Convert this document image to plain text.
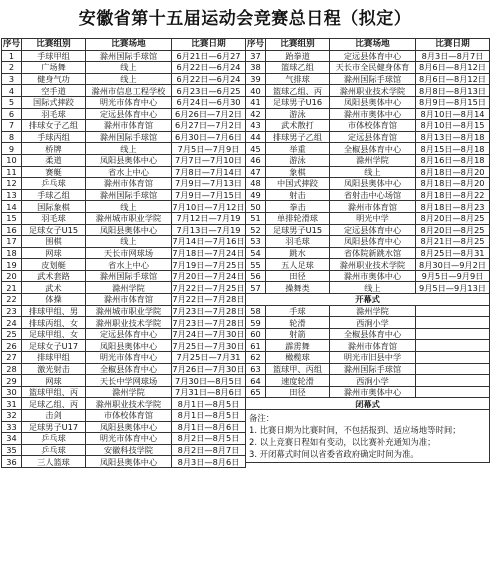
安徽省第十五届运动会竞赛总日程（拟定）
序号	比赛组别	比赛场地	比赛日期
1	手球甲组	滁州国际手球馆	6月21日—6月27
2	广场舞	线上	6月22日—6月24
3	健身气功	线上	6月22日—6月24
4	空手道	滁州市信息工程学校	6月23日—6月25
5	国际式摔跤	明光市体育中心	6月24日—6月30
6	羽毛球	定远县体育中心	6月26日—7月2日
7	排球女子乙组	滁州市体育馆	6月27日—7月2日
8	手球丙组	滁州国际手球馆	6月30日—7月6日
9	桥牌	线上	7月5日—7月9日
10	柔道	凤阳县奥体中心	7月7日—7月10日
11	赛艇	省水上中心	7月8日—7月14日
12	乒乓球	滁州市体育馆	7月9日—7月13日
13	手球乙组	滁州国际手球馆	7月9日—7月15日
14	国际象棋	线上	7月10日—7月12日
15	羽毛球	滁州城市职业学院	7月12日—7月19
16	足球女子U15	凤阳县奥体中心	7月13日—7月19
17	围棋	线上	7月14日—7月16日
18	网球	天长市网球场	7月18日—7月24日
19	皮划艇	省水上中心	7月19日—7月25日
20	武术套路	滁州国际手球馆	7月20日—7月24日
21	武术	滁州学院	7月22日—7月25日
22	体操	滁州市体育馆	7月22日—7月28日
23	排球甲组、男	滁州城市职业学院	7月23日—7月28日
24	排球丙组、女	滁州职业技术学院	7月23日—7月28日
25	足球甲组、女	定远县体育中心	7月24日—7月30日
26	足球女子U17	凤阳县奥体中心	7月25日—7月30日
27	排球甲组	明光市体育中心	7月25日—7月31
28	激光射击	全椒县体育中心	7月26日—7月30日
29	网球	天长中学网球场	7月30日—8月5日
30	篮球甲组、丙	滁州学院	7月31日—8月6日
31	足球乙组、丙	滁州职业技术学院	8月1日—8月5日
32	击剑	市体校体育馆	8月1日—8月5日
33	足球男子U17	凤阳县奥体中心	8月1日—8月6日
34	乒乓球	明光市体育中心	8月2日—8月5日
35	乒乓球	安徽科技学院	8月2日—8月7日
36	三人篮球	凤阳县奥体中心	8月3日—8月6日
序号	比赛组别	比赛场地	比赛日期
37	跆拳道	定远县体育中心	8月3日—8月7日
38	篮球乙组	天长市全民健身体育	8月6日—8月12日
39	气排球	滁州国际手球馆	8月6日—8月12日
40	篮球乙组、丙	滁州职业技术学院	8月8日—8月13日
41	足球男子U16	凤阳县奥体中心	8月9日—8月15日
42	游泳	滁州市奥体中心	8月10日—8月14
43	武术散打	市体校体育馆	8月10日—8月15
44	排球男子乙组	定远县体育馆	8月13日—8月18
45	举重	全椒县体育中心	8月15日—8月18
46	游泳	滁州学院	8月16日—8月18
47	象棋	线上	8月18日—8月20
48	中国式摔跤	凤阳县奥体中心	8月18日—8月20
49	射击	省射击中心场馆	8月18日—8月22
50	拳击	滁州市体育馆	8月18日—8月23
51	单排轮滑球	明光中学	8月20日—8月25
52	足球男子U15	定远县体育中心	8月20日—8月25
53	羽毛球	凤阳县体育中心	8月21日—8月25
54	跳水	省体院新跳水馆	8月25日—8月31
55	五人足球	滁州职业技术学院	8月30日—9月2日
56	田径	滁州市奥体中心	9月5日—9月9日
57	操舞类	线上	9月5日—9月13日
开幕式			
58	手球	滁州学院	
59	轮滑	西涧小学	
60	射箭	全椒县体育中心	
61	霹雳舞	滁州市体育馆	
62	橄榄球	明光市旧县中学	
63	篮球甲、丙组	滁州国际手球馆	
64	速度轮滑	西涧小学	
65	田径	滁州市奥体中心	
闭幕式			

备注：
1. 比赛日期为比赛时间，不包括报到、适应场地等时间；
2. 以上竞赛日程如有变动，以比赛补充通知为准；
3. 开闭幕式时间以省委省政府确定时间为准。			
